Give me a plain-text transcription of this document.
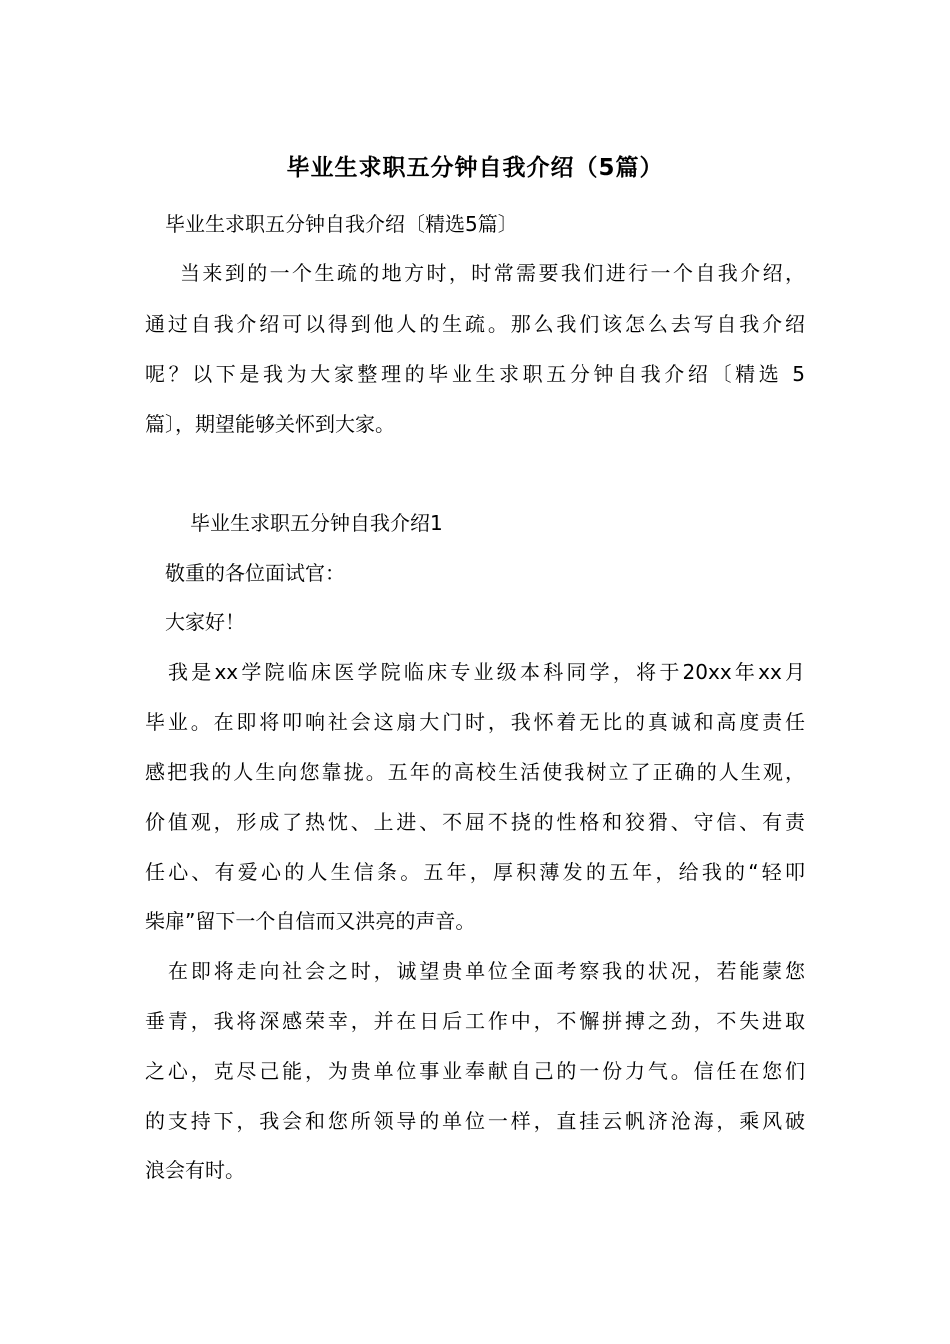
毕业生求职五分钟自我介绍（5篇）
毕业生求职五分钟自我介绍〔精选5篇〕
当来到的一个生疏的地方时，时常需要我们进行一个自我介绍，
通过自我介绍可以得到他人的生疏。那么我们该怎么去写自我介绍
呢？以下是我为大家整理的毕业生求职五分钟自我介绍〔精选 5
篇〕，期望能够关怀到大家。
毕业生求职五分钟自我介绍1
敬重的各位面试官：
大家好！
我是xx学院临床医学院临床专业级本科同学，将于20xx年xx月
毕业。在即将叩响社会这扇大门时，我怀着无比的真诚和高度责任
感把我的人生向您靠拢。五年的高校生活使我树立了正确的人生观，
价值观，形成了热忱、上进、不屈不挠的性格和狡猾、守信、有责
任心、有爱心的人生信条。五年，厚积薄发的五年，给我的“轻叩
柴扉”留下一个自信而又洪亮的声音。
在即将走向社会之时，诚望贵单位全面考察我的状况，若能蒙您
垂青，我将深感荣幸，并在日后工作中，不懈拼搏之劲，不失进取
之心，克尽己能，为贵单位事业奉献自己的一份力气。信任在您们
的支持下，我会和您所领导的单位一样，直挂云帆济沧海，乘风破
浪会有时。
